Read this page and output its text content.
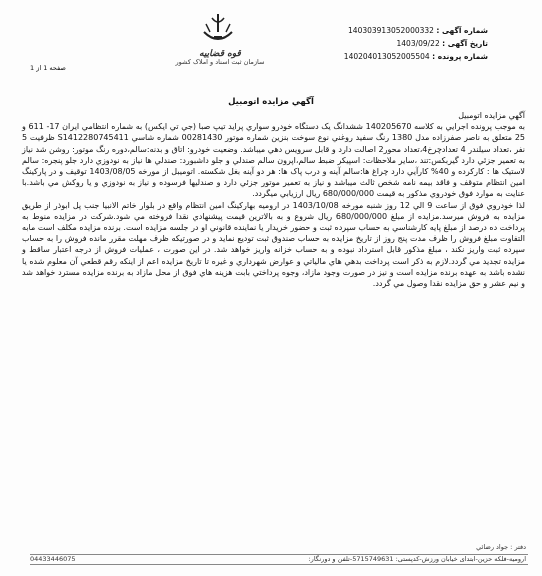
قوه قضاییه
سازمان ثبت اسناد و املاک کشور
شماره آگهی : 140303913052000332
تاریخ آگهی : 1403/09/22
شماره پرونده : 140204013052005504
صفحه 1 از 1
آگهي مزايده اتومبيل

آگهي مزايده اتومبيل

به موجب پرونده اجرايي به کلاسه 140205670 ششدانگ يک دستگاه خودرو سواري پرايد تيپ صبا (جي تي ايکس) به شماره انتظامي ايران 17- 611 و 25 متعلق به ناصر صفرزاده مدل 1380 رنگ سفيد روغني نوع سوخت بنزين شماره موتور 00281430 شماره شاسي S1412280745411 ظرفيت 5 نفر ،تعداد سيلندر 4 تعدادچرخ4،تعداد محور2 اصالت دارد و قابل سرويس دهي ميباشد. وضعيت خودرو: اتاق و بدنه:سالم،دوره رنگ موتور: روشن شد نياز به تعمير جزئي دارد گيربکس:تند ،ساير ملاحظات: اسپيکر ضبط سالم،اپرون سالم صندلي و جلو داشبورد: صندلي ها نياز به نودوزي دارد جلو پنجره: سالم لاستيک ها : کارکرده و 40% کارآيي دارد چراغ ها:سالم آينه و درب پاک ها: هر دو آينه بغل شکسته. اتوميبل از مورخه 1403/08/05 توقيف و در پارکينگ امين انتظام متوقف و فاقد بيمه نامه شخص ثالث ميباشد و نياز به تعمير موتور جزئي دارد و صندليها فرسوده و نياز به نودوزي و يا روکش مي باشد.با عنايت به موارد فوق خودروي مذکور به قيمت 680/000/000 ريال ارزيابي ميگردد.

لذا خودروي فوق از ساعت 9 الي 12 روز شنبه مورخه 1403/10/08 در ارومیه بهارکينگ امين انتظام واقع در بلوار خاتم الانبيا جنب پل ابوذر از طريق مزايده به فروش ميرسد.مزايده از مبلغ 680/000/000 ريال شروع و به بالاترين قيمت پيشنهادي نقدا فروخته مي شود.شرکت در مزايده منوط به پرداخت ده درصد از مبلغ پايه کارشناسي به حساب سپرده ثبت و حضور خريدار يا نماينده قانوني او در جلسه مزايده است. برنده مزايده مکلف است مابه التفاوت مبلغ فروش را ظرف مدت پنج روز از تاريخ مزايده به حساب صندوق ثبت توديع نمايد و در صورتيکه ظرف مهلت مقرر مانده فروش را به حساب سپرده ثبت واريز نکند ، مبلغ مذکور قابل استرداد نبوده و به حساب خزانه واريز خواهد شد. در اين صورت ، عمليات فروش از درجه اعتبار ساقط و مزايده تجديد مي گردد.لازم به ذکر است پرداخت بدهي هاي مالياتي و عوارض شهرداري و غيره تا تاريخ مزايده اعم از اينکه رقم قطعي آن معلوم شده يا نشده باشد به عهده برنده مزايده است و نيز در صورت وجود مازاد، وجوه پرداختي بابت هزينه هاي فوق از محل مازاد به برنده مزايده مسترد خواهد شد و نيم عشر و حق مزايده نقدا وصول مي گردد.

دفتر : جواد رضائي
ارومیه-فلکه حزین-ابتدای خیابان ورزش-کدپستی: 5715749631-تلفن و دورنگار:
04433446075
